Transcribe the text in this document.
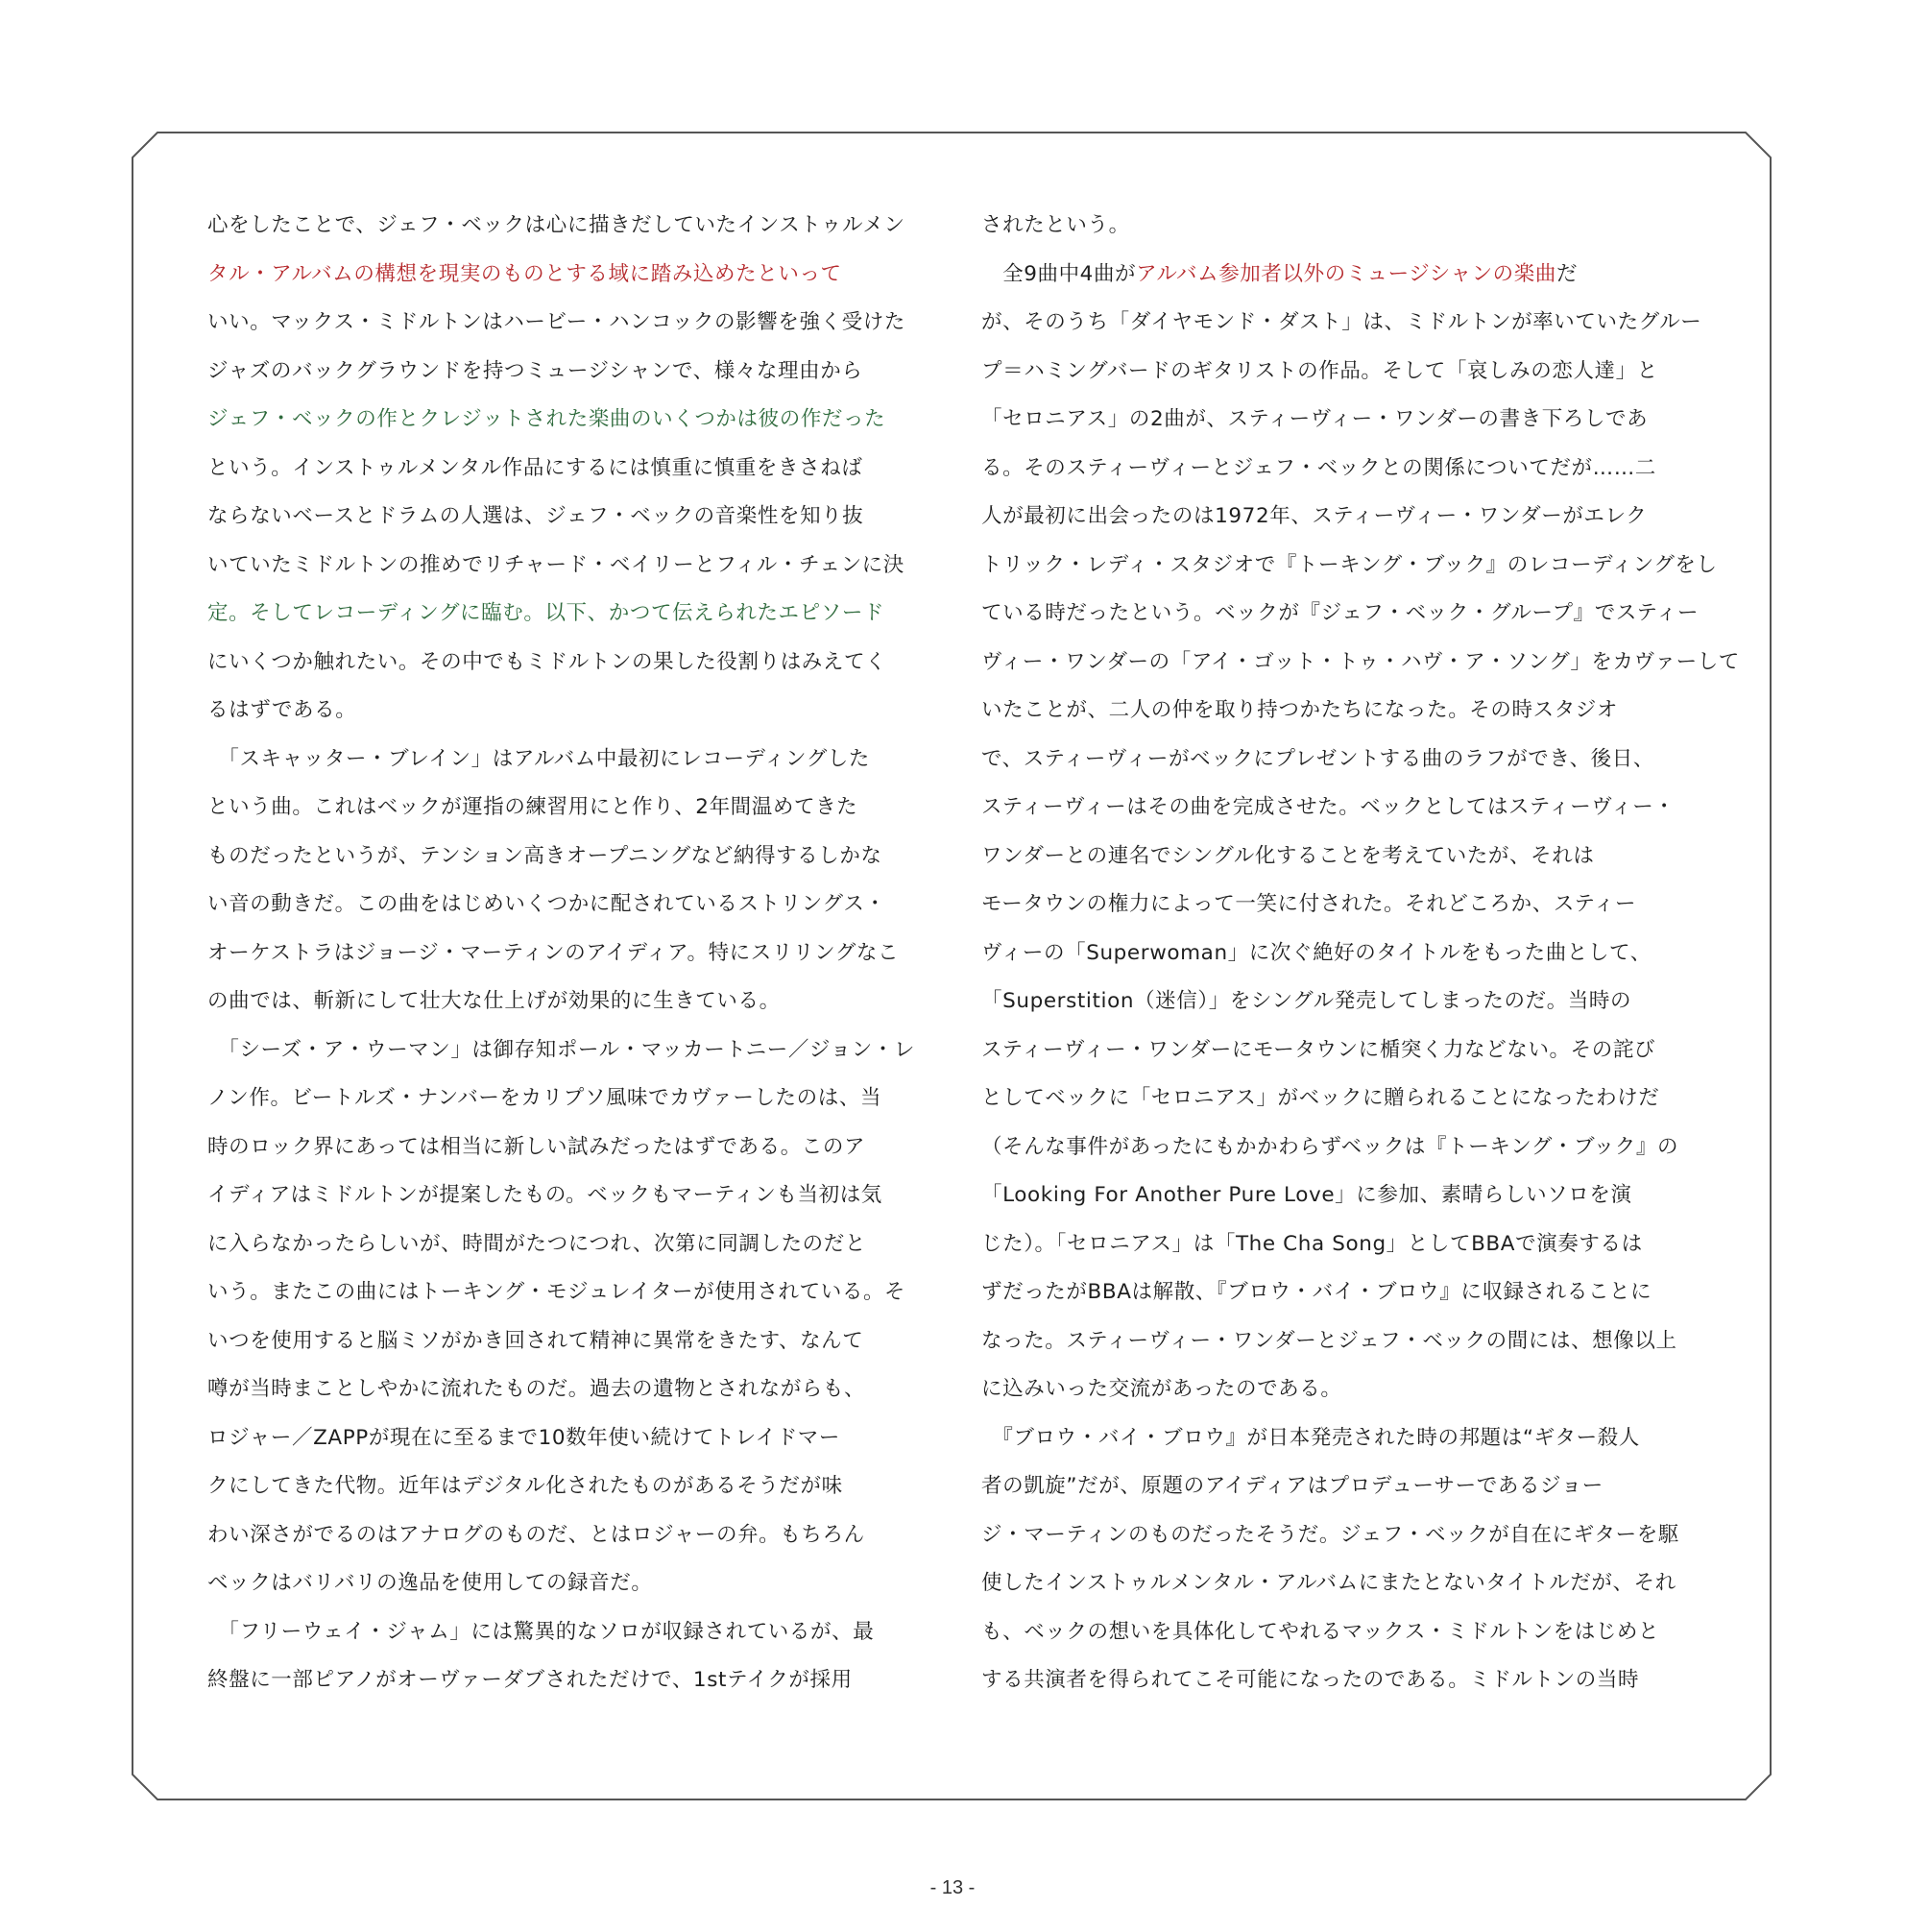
心をしたことで、ジェフ・ベックは心に描きだしていたインストゥルメン
タル・アルバムの構想を現実のものとする域に踏み込めたといって
いい。マックス・ミドルトンはハービー・ハンコックの影響を強く受けた
ジャズのバックグラウンドを持つミュージシャンで、様々な理由から
ジェフ・ベックの作とクレジットされた楽曲のいくつかは彼の作だった
という。インストゥルメンタル作品にするには慎重に慎重をきさねば
ならないベースとドラムの人選は、ジェフ・ベックの音楽性を知り抜
いていたミドルトンの推めでリチャード・ベイリーとフィル・チェンに決
定。そしてレコーディングに臨む。以下、かつて伝えられたエピソード
にいくつか触れたい。その中でもミドルトンの果した役割りはみえてく
るはずである。
　「スキャッター・ブレイン」はアルバム中最初にレコーディングした
という曲。これはベックが運指の練習用にと作り、2年間温めてきた
ものだったというが、テンション高きオープニングなど納得するしかな
い音の動きだ。この曲をはじめいくつかに配されているストリングス・
オーケストラはジョージ・マーティンのアイディア。特にスリリングなこ
の曲では、斬新にして壮大な仕上げが効果的に生きている。
　「シーズ・ア・ウーマン」は御存知ポール・マッカートニー／ジョン・レ
ノン作。ビートルズ・ナンバーをカリプソ風味でカヴァーしたのは、当
時のロック界にあっては相当に新しい試みだったはずである。このア
イディアはミドルトンが提案したもの。ベックもマーティンも当初は気
に入らなかったらしいが、時間がたつにつれ、次第に同調したのだと
いう。またこの曲にはトーキング・モジュレイターが使用されている。そ
いつを使用すると脳ミソがかき回されて精神に異常をきたす、なんて
噂が当時まことしやかに流れたものだ。過去の遺物とされながらも、
ロジャー／ZAPPが現在に至るまで10数年使い続けてトレイドマー
クにしてきた代物。近年はデジタル化されたものがあるそうだが味
わい深さがでるのはアナログのものだ、とはロジャーの弁。もちろん
ベックはバリバリの逸品を使用しての録音だ。
　「フリーウェイ・ジャム」には驚異的なソロが収録されているが、最
終盤に一部ピアノがオーヴァーダブされただけで、1stテイクが採用
されたという。
　全9曲中4曲がアルバム参加者以外のミュージシャンの楽曲だ
が、そのうち「ダイヤモンド・ダスト」は、ミドルトンが率いていたグルー
プ＝ハミングバードのギタリストの作品。そして「哀しみの恋人達」と
「セロニアス」の2曲が、スティーヴィー・ワンダーの書き下ろしであ
る。そのスティーヴィーとジェフ・ベックとの関係についてだが……二
人が最初に出会ったのは1972年、スティーヴィー・ワンダーがエレク
トリック・レディ・スタジオで『トーキング・ブック』のレコーディングをし
ている時だったという。ベックが『ジェフ・ベック・グループ』でスティー
ヴィー・ワンダーの「アイ・ゴット・トゥ・ハヴ・ア・ソング」をカヴァーして
いたことが、二人の仲を取り持つかたちになった。その時スタジオ
で、スティーヴィーがベックにプレゼントする曲のラフができ、後日、
スティーヴィーはその曲を完成させた。ベックとしてはスティーヴィー・
ワンダーとの連名でシングル化することを考えていたが、それは
モータウンの権力によって一笑に付された。それどころか、スティー
ヴィーの「Superwoman」に次ぐ絶好のタイトルをもった曲として、
「Superstition（迷信）」をシングル発売してしまったのだ。当時の
スティーヴィー・ワンダーにモータウンに楯突く力などない。その詫び
としてベックに「セロニアス」がベックに贈られることになったわけだ
（そんな事件があったにもかかわらずベックは『トーキング・ブック』の
「Looking For Another Pure Love」に参加、素晴らしいソロを演
じた）。「セロニアス」は「The Cha Song」としてBBAで演奏するは
ずだったがBBAは解散、『ブロウ・バイ・ブロウ』に収録されることに
なった。スティーヴィー・ワンダーとジェフ・ベックの間には、想像以上
に込みいった交流があったのである。
　『ブロウ・バイ・ブロウ』が日本発売された時の邦題は“ギター殺人
者の凱旋”だが、原題のアイディアはプロデューサーであるジョー
ジ・マーティンのものだったそうだ。ジェフ・ベックが自在にギターを駆
使したインストゥルメンタル・アルバムにまたとないタイトルだが、それ
も、ベックの想いを具体化してやれるマックス・ミドルトンをはじめと
する共演者を得られてこそ可能になったのである。ミドルトンの当時
- 13 -
